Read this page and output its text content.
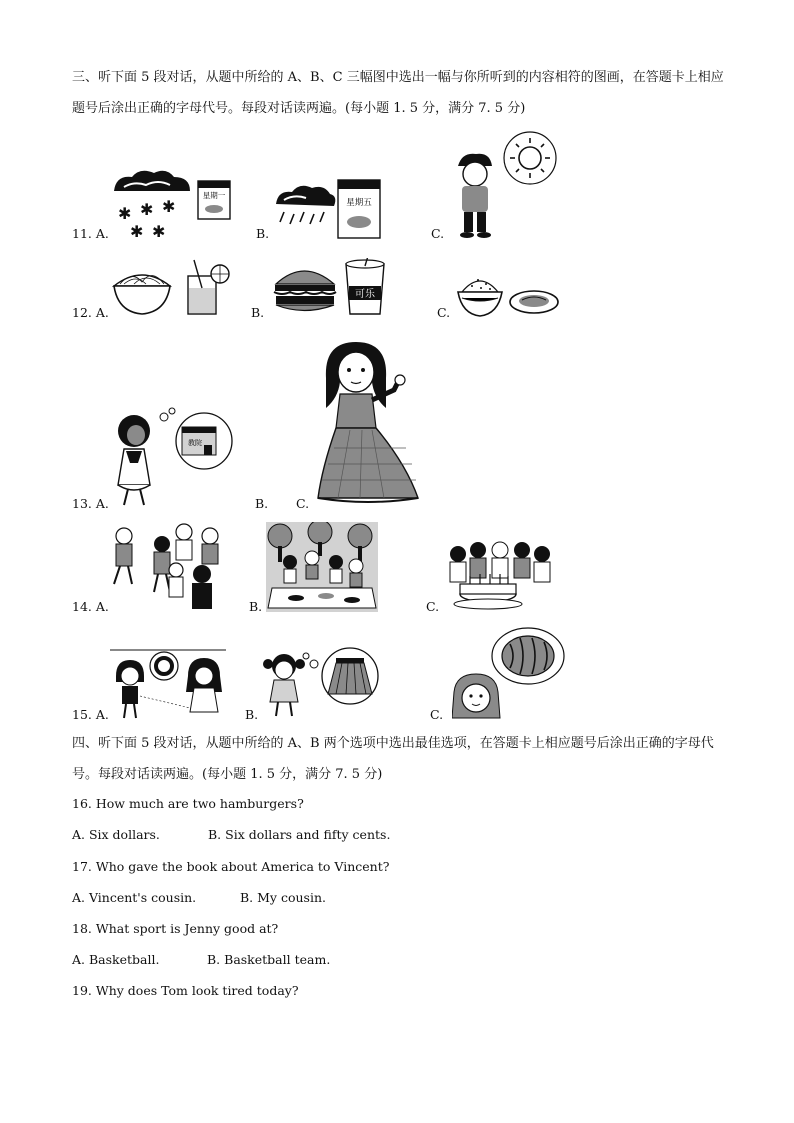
三、听下面 5 段对话，从题中所给的 A、B、C 三幅图中选出一幅与你所听到的内容相符的图画，在答题卡上相应题号后涂出正确的字母代号。每段对话读两遍。(每小题 1. 5 分，满分 7. 5 分)
11. A.
✱ ✱ ✱
✱ ✱
星期一
B.
星期五
C.
12. A.	B.
可乐
C.
13. A.
教院
B. C.
14. A.	B.	C.
15. A.	B.	C.
四、听下面 5 段对话，从题中所给的 A、B 两个选项中选出最佳选项，在答题卡上相应题号后涂出正确的字母代号。每段对话读两遍。(每小题 1. 5 分，满分 7. 5 分)
16. How much are two hamburgers?
A. Six dollars.	B. Six dollars and fifty cents.
17. Who gave the book about America to Vincent?
A. Vincent's cousin.	B. My cousin.
18. What sport is Jenny good at?
A. Basketball.	B. Basketball team.
19. Why does Tom look tired today?
